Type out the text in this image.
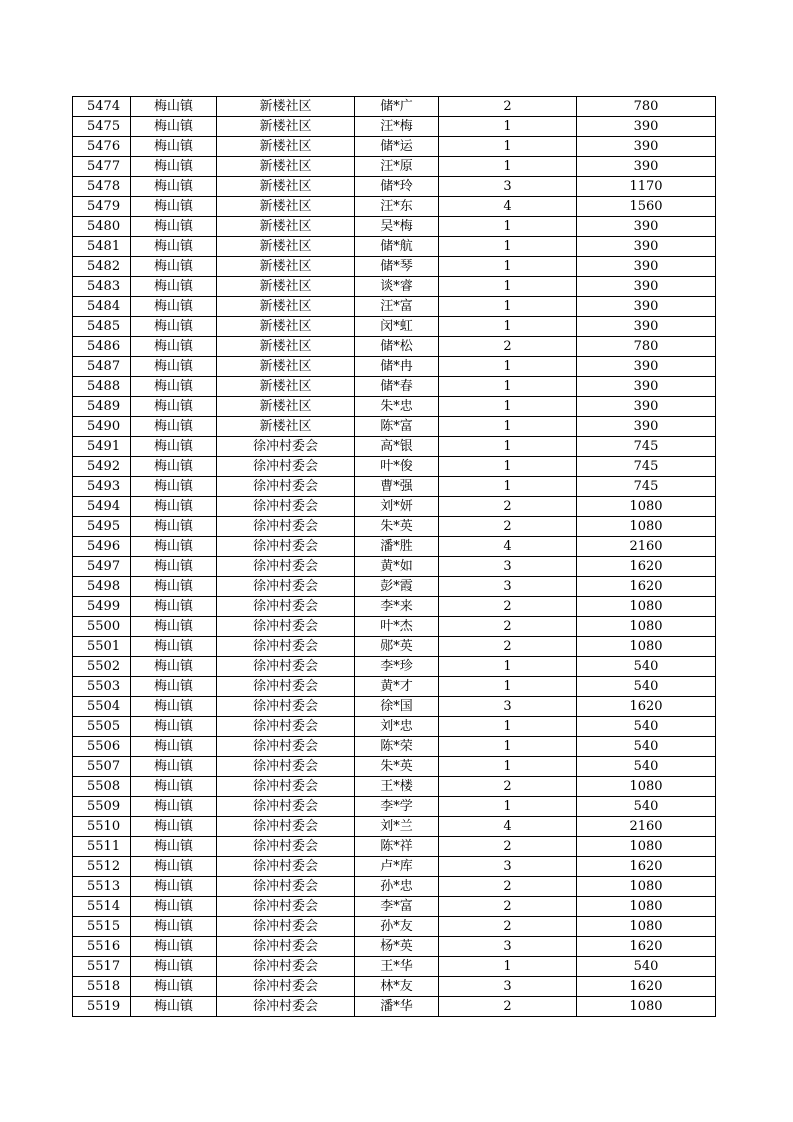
5474	梅山镇	新楼社区	储*广	2	780
5475	梅山镇	新楼社区	汪*梅	1	390
5476	梅山镇	新楼社区	储*运	1	390
5477	梅山镇	新楼社区	汪*原	1	390
5478	梅山镇	新楼社区	储*玲	3	1170
5479	梅山镇	新楼社区	汪*东	4	1560
5480	梅山镇	新楼社区	吴*梅	1	390
5481	梅山镇	新楼社区	储*航	1	390
5482	梅山镇	新楼社区	储*琴	1	390
5483	梅山镇	新楼社区	谈*睿	1	390
5484	梅山镇	新楼社区	汪*富	1	390
5485	梅山镇	新楼社区	闵*虹	1	390
5486	梅山镇	新楼社区	储*松	2	780
5487	梅山镇	新楼社区	储*冉	1	390
5488	梅山镇	新楼社区	储*春	1	390
5489	梅山镇	新楼社区	朱*忠	1	390
5490	梅山镇	新楼社区	陈*富	1	390
5491	梅山镇	徐冲村委会	高*银	1	745
5492	梅山镇	徐冲村委会	叶*俊	1	745
5493	梅山镇	徐冲村委会	曹*强	1	745
5494	梅山镇	徐冲村委会	刘*妍	2	1080
5495	梅山镇	徐冲村委会	朱*英	2	1080
5496	梅山镇	徐冲村委会	潘*胜	4	2160
5497	梅山镇	徐冲村委会	黄*如	3	1620
5498	梅山镇	徐冲村委会	彭*霞	3	1620
5499	梅山镇	徐冲村委会	李*来	2	1080
5500	梅山镇	徐冲村委会	叶*杰	2	1080
5501	梅山镇	徐冲村委会	郧*英	2	1080
5502	梅山镇	徐冲村委会	李*珍	1	540
5503	梅山镇	徐冲村委会	黄*才	1	540
5504	梅山镇	徐冲村委会	徐*国	3	1620
5505	梅山镇	徐冲村委会	刘*忠	1	540
5506	梅山镇	徐冲村委会	陈*荣	1	540
5507	梅山镇	徐冲村委会	朱*英	1	540
5508	梅山镇	徐冲村委会	王*楼	2	1080
5509	梅山镇	徐冲村委会	李*学	1	540
5510	梅山镇	徐冲村委会	刘*兰	4	2160
5511	梅山镇	徐冲村委会	陈*祥	2	1080
5512	梅山镇	徐冲村委会	卢*库	3	1620
5513	梅山镇	徐冲村委会	孙*忠	2	1080
5514	梅山镇	徐冲村委会	李*富	2	1080
5515	梅山镇	徐冲村委会	孙*友	2	1080
5516	梅山镇	徐冲村委会	杨*英	3	1620
5517	梅山镇	徐冲村委会	王*华	1	540
5518	梅山镇	徐冲村委会	林*友	3	1620
5519	梅山镇	徐冲村委会	潘*华	2	1080
